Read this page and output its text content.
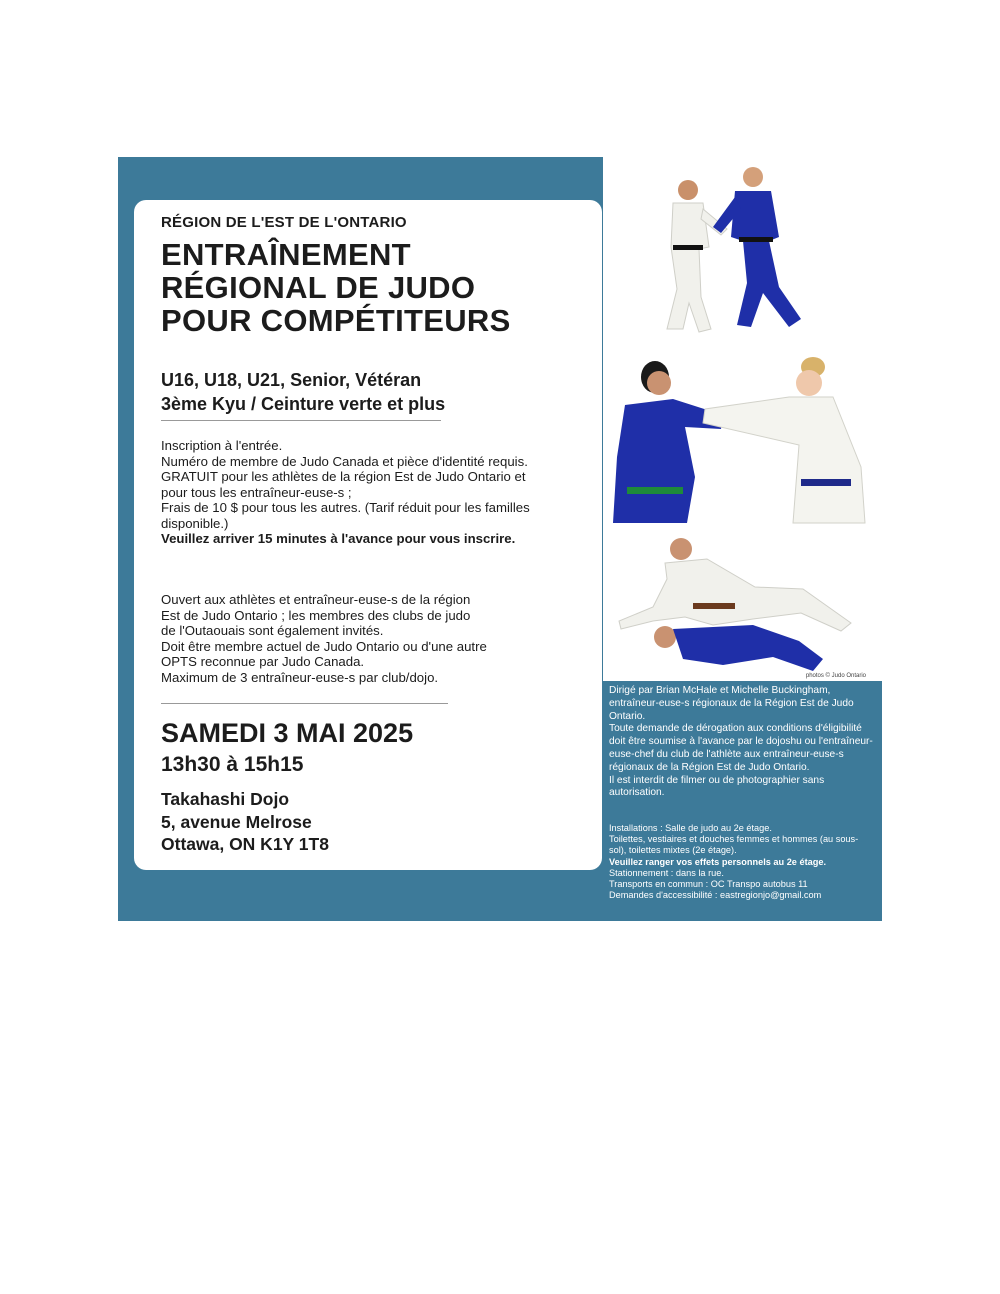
RÉGION DE L'EST DE L'ONTARIO
ENTRAÎNEMENT
RÉGIONAL DE JUDO
POUR COMPÉTITEURS
U16, U18, U21, Senior, Vétéran
3ème Kyu / Ceinture verte et plus

Inscription à l'entrée.

Numéro de membre de Judo Canada et pièce d'identité requis.

GRATUIT pour les athlètes de la région Est de Judo Ontario et pour tous les entraîneur-euse-s ;

Frais de 10 $ pour tous les autres. (Tarif réduit pour les familles disponible.)

Veuillez arriver 15 minutes à l'avance pour vous inscrire.

Ouvert aux athlètes et entraîneur-euse-s de la région

Est de Judo Ontario ; les membres des clubs de judo

de l'Outaouais sont également invités.

Doit être membre actuel de Judo Ontario ou d'une autre

OPTS reconnue par Judo Canada.

Maximum de 3 entraîneur-euse-s par club/dojo.

SAMEDI 3 MAI 2025
13h30 à 15h15
Takahashi Dojo
5, avenue Melrose
Ottawa, ON K1Y 1T8
photos © Judo Ontario

Dirigé par Brian McHale et Michelle Buckingham, entraîneur-euse-s régionaux de la Région Est de Judo Ontario.

Toute demande de dérogation aux conditions d'éligibilité doit être soumise à l'avance par le dojoshu ou l'entraîneur-euse-chef du club de l'athlète aux entraîneur-euse-s régionaux de la Région Est de Judo Ontario.

Il est interdit de filmer ou de photographier sans autorisation.

Installations : Salle de judo au 2e étage.

Toilettes, vestiaires et douches femmes et hommes (au sous-sol), toilettes mixtes (2e étage).

Veuillez ranger vos effets personnels au 2e étage.

Stationnement : dans la rue.

Transports en commun : OC Transpo autobus 11

Demandes d'accessibilité : eastregionjo@gmail.com
